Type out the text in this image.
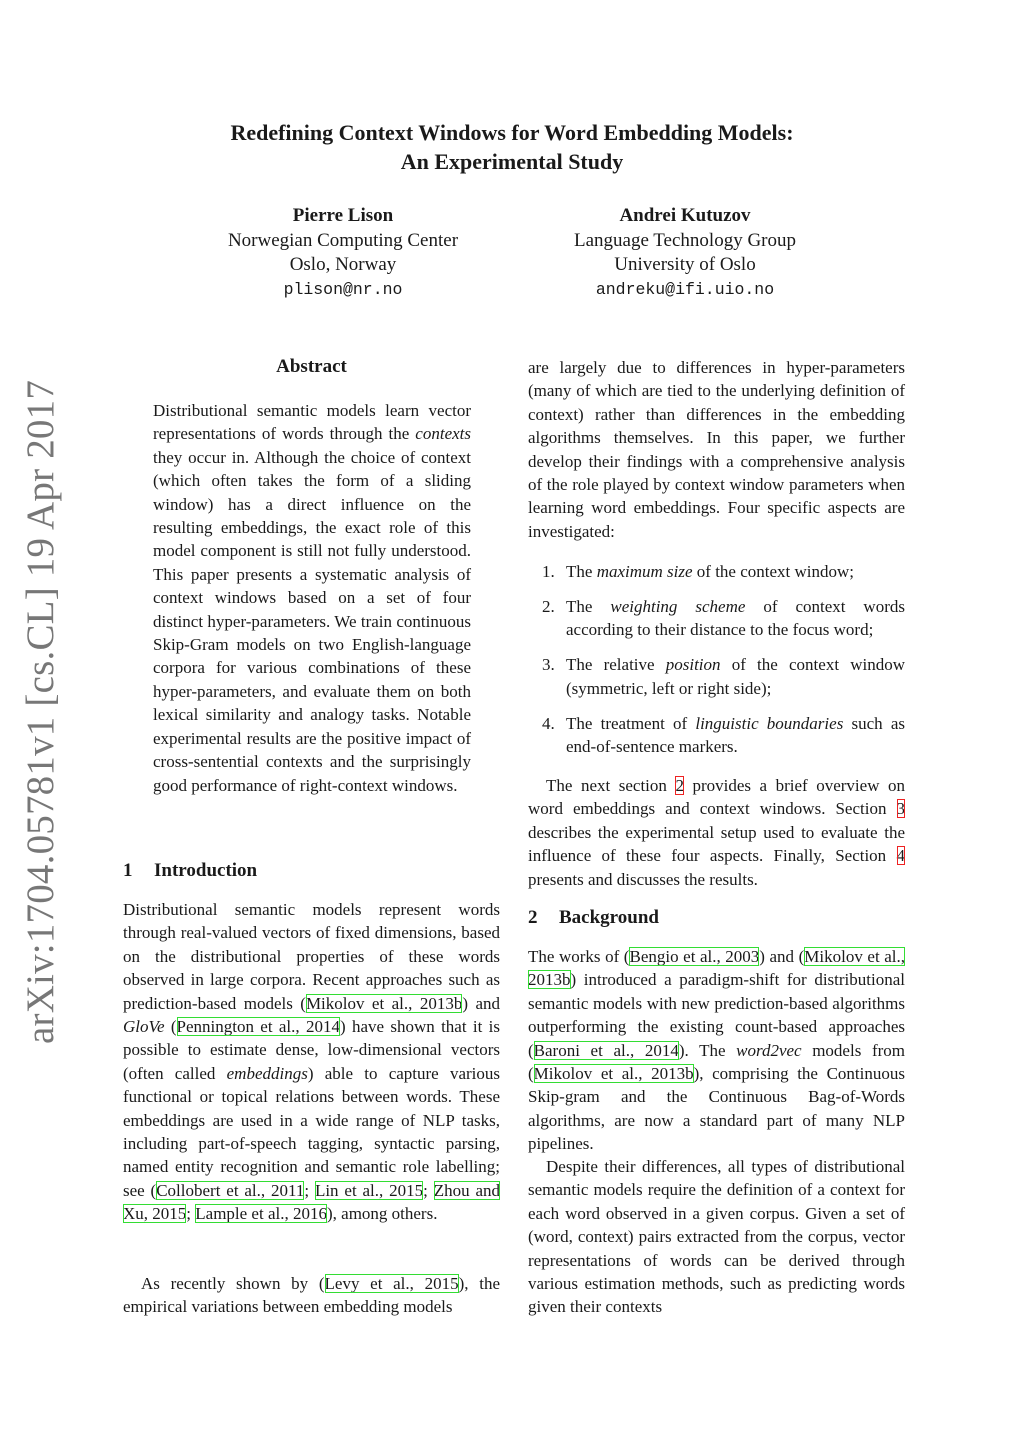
Redefining Context Windows for Word Embedding Models:
An Experimental Study
Pierre Lison
Norwegian Computing Center
Oslo, Norway
plison@nr.no
Andrei Kutuzov
Language Technology Group
University of Oslo
andreku@ifi.uio.no
arXiv:1704.05781v1 [cs.CL] 19 Apr 2017
Abstract
Distributional semantic models learn vector representations of words through the contexts they occur in. Although the choice of context (which often takes the form of a sliding window) has a direct influence on the resulting embeddings, the exact role of this model component is still not fully understood. This paper presents a systematic analysis of context windows based on a set of four distinct hyper-parameters. We train continuous Skip-Gram models on two English-language corpora for various combinations of these hyper-parameters, and evaluate them on both lexical similarity and analogy tasks. Notable experimental results are the positive impact of cross-sentential contexts and the surprisingly good performance of right-context windows.
1 Introduction
Distributional semantic models represent words through real-valued vectors of fixed dimensions, based on the distributional properties of these words observed in large corpora. Recent approaches such as prediction-based models (Mikolov et al., 2013b) and GloVe (Pennington et al., 2014) have shown that it is possible to estimate dense, low-dimensional vectors (often called embeddings) able to capture various functional or topical relations between words. These embeddings are used in a wide range of NLP tasks, including part-of-speech tagging, syntactic parsing, named entity recognition and semantic role labelling; see (Collobert et al., 2011; Lin et al., 2015; Zhou and Xu, 2015; Lample et al., 2016), among others.
As recently shown by (Levy et al., 2015), the empirical variations between embedding models
are largely due to differences in hyper-parameters (many of which are tied to the underlying definition of context) rather than differences in the embedding algorithms themselves. In this paper, we further develop their findings with a comprehensive analysis of the role played by context window parameters when learning word embeddings. Four specific aspects are investigated:
1. The maximum size of the context window;
2. The weighting scheme of context words according to their distance to the focus word;
3. The relative position of the context window (symmetric, left or right side);
4. The treatment of linguistic boundaries such as end-of-sentence markers.
The next section 2 provides a brief overview on word embeddings and context windows. Section 3 describes the experimental setup used to evaluate the influence of these four aspects. Finally, Section 4 presents and discusses the results.
2 Background
The works of (Bengio et al., 2003) and (Mikolov et al., 2013b) introduced a paradigm-shift for distributional semantic models with new prediction-based algorithms outperforming the existing count-based approaches (Baroni et al., 2014). The word2vec models from (Mikolov et al., 2013b), comprising the Continuous Skip-gram and the Continuous Bag-of-Words algorithms, are now a standard part of many NLP pipelines.
Despite their differences, all types of distributional semantic models require the definition of a context for each word observed in a given corpus. Given a set of (word, context) pairs extracted from the corpus, vector representations of words can be derived through various estimation methods, such as predicting words given their contexts
